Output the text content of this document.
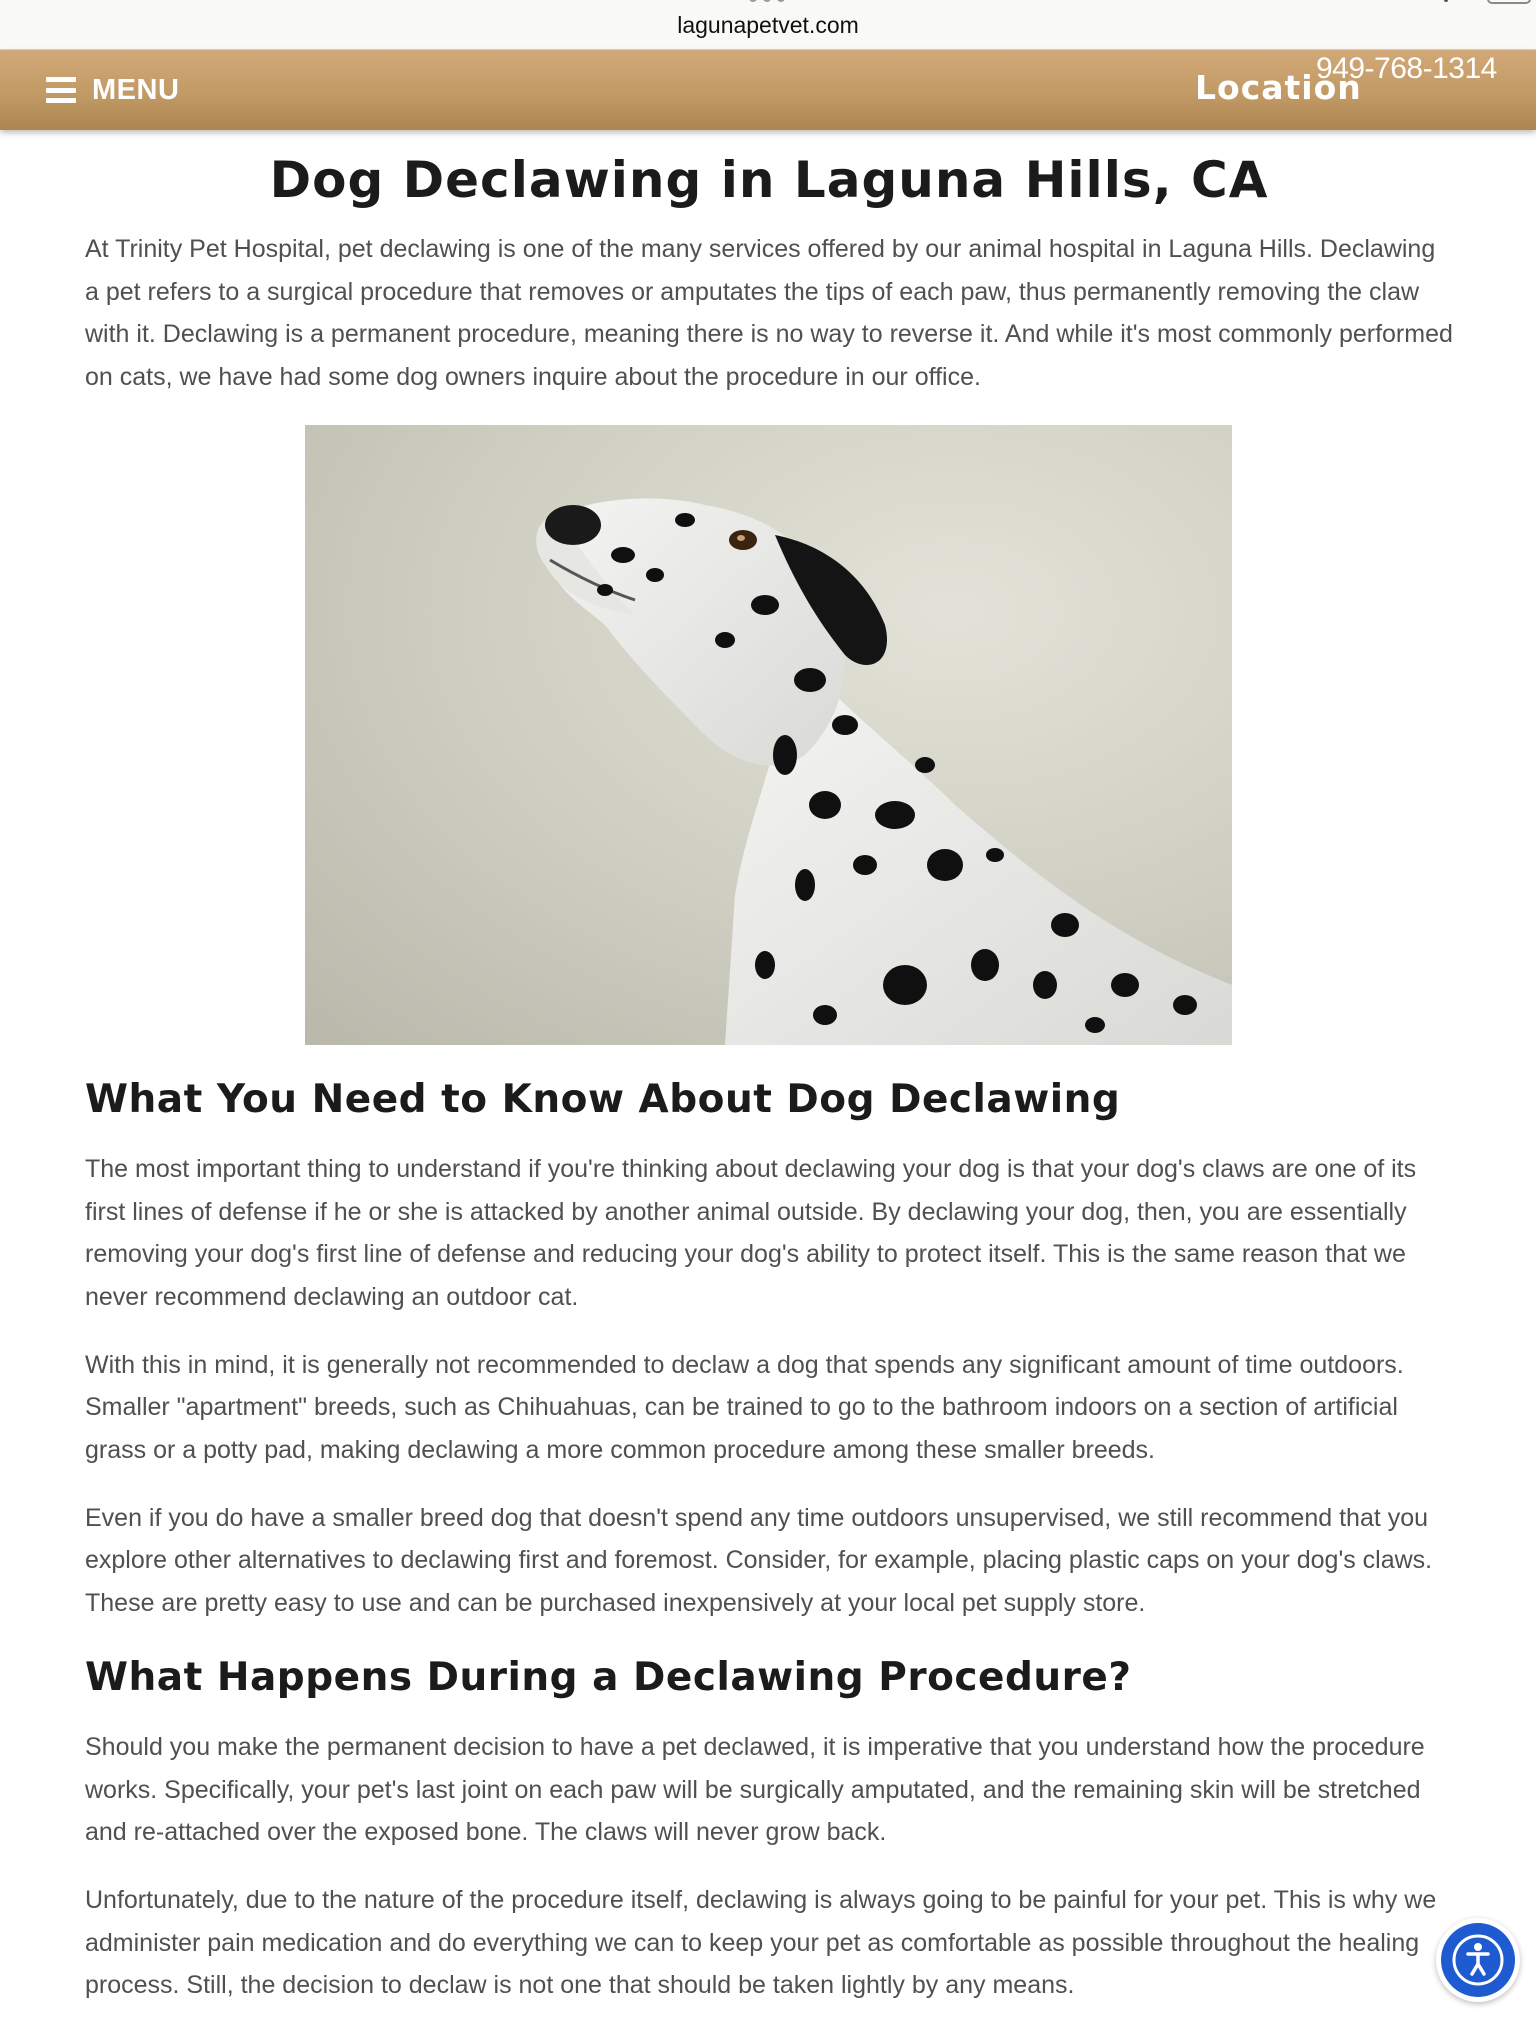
lagunapetvet.com
MENU	Location
949-768-1314
Dog Declawing in Laguna Hills, CA

At Trinity Pet Hospital, pet declawing is one of the many services offered by our animal hospital in Laguna Hills. Declawing a pet refers to a surgical procedure that removes or amputates the tips of each paw, thus permanently removing the claw with it. Declawing is a permanent procedure, meaning there is no way to reverse it. And while it's most commonly performed on cats, we have had some dog owners inquire about the procedure in our office.

What You Need to Know About Dog Declawing

The most important thing to understand if you're thinking about declawing your dog is that your dog's claws are one of its first lines of defense if he or she is attacked by another animal outside. By declawing your dog, then, you are essentially removing your dog's first line of defense and reducing your dog's ability to protect itself. This is the same reason that we never recommend declawing an outdoor cat.

With this in mind, it is generally not recommended to declaw a dog that spends any significant amount of time outdoors. Smaller "apartment" breeds, such as Chihuahuas, can be trained to go to the bathroom indoors on a section of artificial grass or a potty pad, making declawing a more common procedure among these smaller breeds.

Even if you do have a smaller breed dog that doesn't spend any time outdoors unsupervised, we still recommend that you explore other alternatives to declawing first and foremost. Consider, for example, placing plastic caps on your dog's claws. These are pretty easy to use and can be purchased inexpensively at your local pet supply store.

What Happens During a Declawing Procedure?

Should you make the permanent decision to have a pet declawed, it is imperative that you understand how the procedure works. Specifically, your pet's last joint on each paw will be surgically amputated, and the remaining skin will be stretched and re-attached over the exposed bone. The claws will never grow back.

Unfortunately, due to the nature of the procedure itself, declawing is always going to be painful for your pet. This is why we administer pain medication and do everything we can to keep your pet as comfortable as possible throughout the healing process. Still, the decision to declaw is not one that should be taken lightly by any means.
